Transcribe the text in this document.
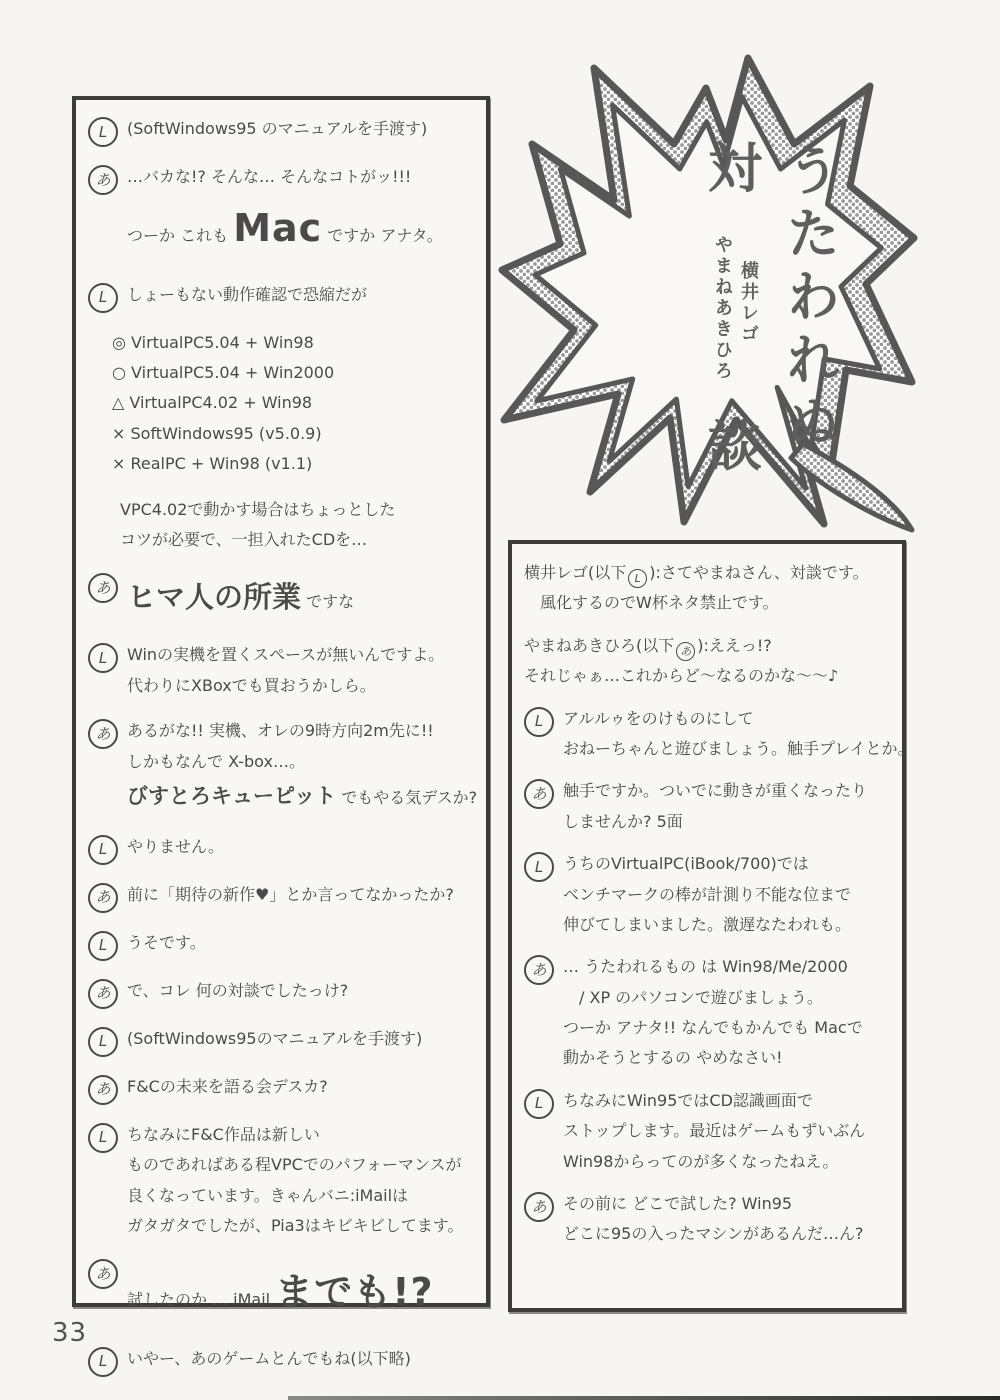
対
やまねあきひろ 横井レゴ
談 うたわれぬ
L	(SoftWindows95 のマニュアルを手渡す)
あ	…バカな!? そんな… そんなコトがッ!!!
つーか これも Mac ですか アナタ。
L	しょーもない動作確認で恐縮だが
◎ VirtualPC5.04 + Win98
○ VirtualPC5.04 + Win2000
△ VirtualPC4.02 + Win98
× SoftWindows95 (v5.0.9)
× RealPC + Win98 (v1.1)
VPC4.02で動かす場合はちょっとした
コツが必要で、一担入れたCDを…
あ ヒマ人の所業 ですな
L	Winの実機を置くスペースが無いんですよ。
代わりにXBoxでも買おうかしら。
あ	あるがな!! 実機、オレの9時方向2m先に!!
しかもなんで X-box…。
びすとろキューピット でもやる気デスか?
L	やりません。
あ	前に「期待の新作♥」とか言ってなかったか?
L	うそです。
あ	で、コレ 何の対談でしたっけ?
L	(SoftWindows95のマニュアルを手渡す)
あ	F&Cの未来を語る会デスカ?
L	ちなみにF&C作品は新しい
ものであればある程VPCでのパフォーマンスが
良くなっています。きゃんバニ:iMailは
ガタガタでしたが、Pia3はキビキビしてます。
あ
試したのか … iMail までも!?
L	いやー、あのゲームとんでもね(以下略)
横井レゴ(以下 L ):さてやまねさん、対談です。
　風化するのでW杯ネタ禁止です。
やまねあきひろ(以下 あ ):ええっ!?
それじゃぁ…これからど〜なるのかな〜〜♪
L	アルルゥをのけものにして
おねーちゃんと遊びましょう。触手プレイとか。
あ	触手ですか。ついでに動きが重くなったり
しませんか? 5面
L	うちのVirtualPC(iBook/700)では
ベンチマークの棒が計測り不能な位まで
伸びてしまいました。激遅なたわれも。
あ	… うたわれるもの は Win98/Me/2000
　/ XP のパソコンで遊びましょう。
つーか アナタ!! なんでもかんでも Macで
動かそうとするの やめなさい!
L	ちなみにWin95ではCD認識画面で
ストップします。最近はゲームもずいぶん
Win98からってのが多くなったねえ。
あ	その前に どこで試した? Win95
どこに95の入ったマシンがあるんだ…ん?
33
